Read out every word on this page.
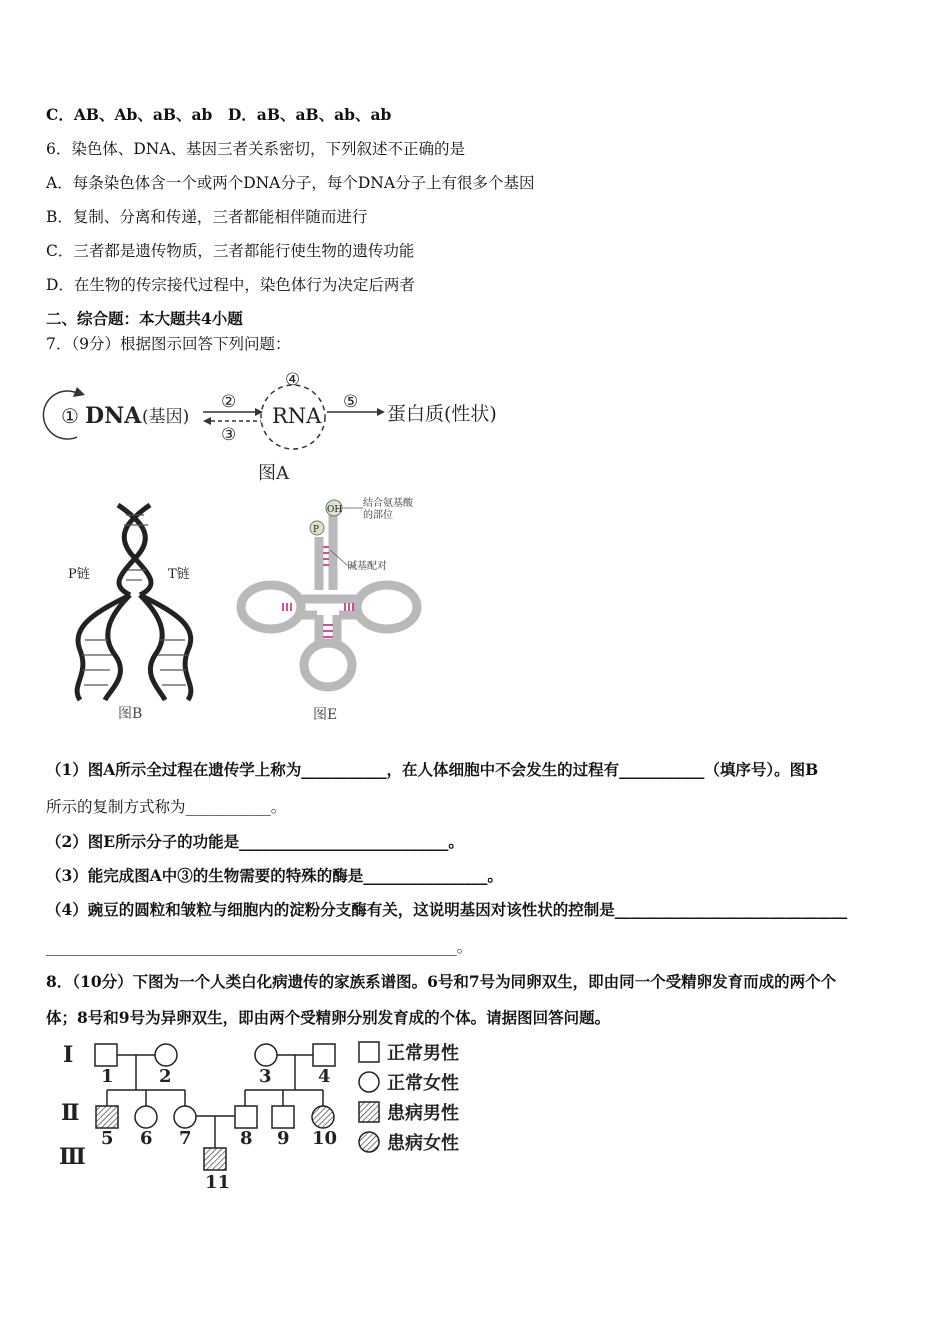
C．AB、Ab、aB、ab　D．aB、aB、ab、ab
6．染色体、DNA、基因三者关系密切，下列叙述不正确的是
A．每条染色体含一个或两个DNA分子，每个DNA分子上有很多个基因
B．复制、分离和传递，三者都能相伴随而进行
C．三者都是遗传物质，三者都能行使生物的遗传功能
D．在生物的传宗接代过程中，染色体行为决定后两者
二、综合题：本大题共4小题
7．（9分）根据图示回答下列问题：
① DNA (基因)
②
③
④
RNA
⑤
蛋白质(性状)
图A
P链	T链
图B
OH
P
结合氨基酸
的部位
碱基配对
图E
（1）图A所示全过程在遗传学上称为___________，在人体细胞中不会发生的过程有___________（填序号）。图B
所示的复制方式称为___________。
（2）图E所示分子的功能是___________________________。
（3）能完成图A中③的生物需要的特殊的酶是________________。
（4）豌豆的圆粒和皱粒与细胞内的淀粉分支酶有关，这说明基因对该性状的控制是______________________________
_____________________________________________________。
8．（10分）下图为一个人类白化病遗传的家族系谱图。6号和7号为同卵双生，即由同一个受精卵发育而成的两个个
体；8号和9号为异卵双生，即由两个受精卵分别发育成的个体。请据图回答问题。
Ⅰ
Ⅱ
Ⅲ
1	2	3	4
5 6 7	8 9 10
11
正常男性
正常女性
患病男性
患病女性
